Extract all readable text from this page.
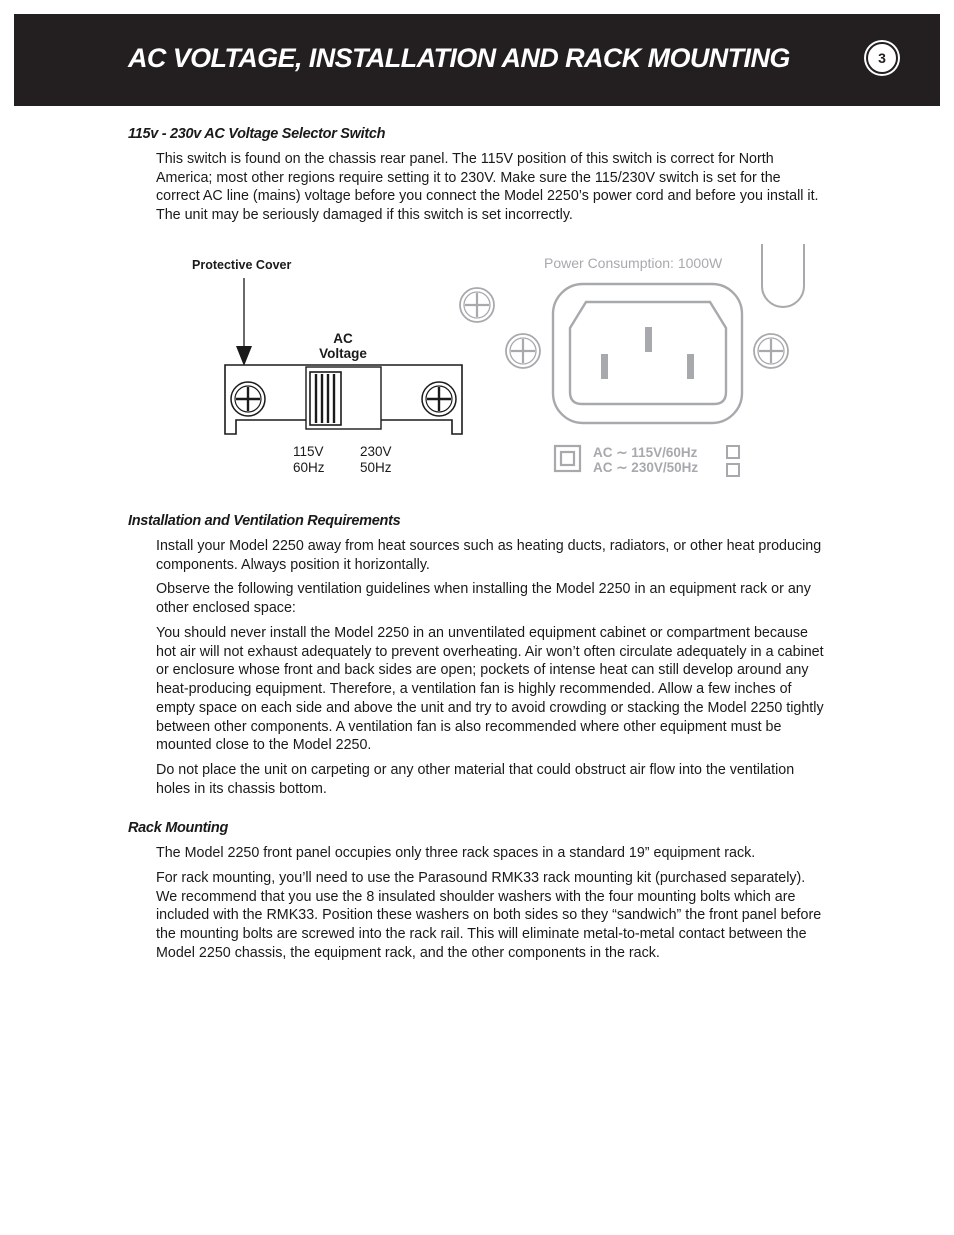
AC VOLTAGE, INSTALLATION AND RACK MOUNTING	3
115v - 230v AC Voltage Selector Switch

This switch is found on the chassis rear panel. The 115V position of this switch is correct for North America; most other regions require setting it to 230V. Make sure the 115/230V switch is set for the correct AC line (mains) voltage before you connect the Model 2250’s power cord and before you install it. The unit may be seriously damaged if this switch is set incorrectly.

Protective Cover
AC
Voltage
115V
60Hz
230V
50Hz
Power Consumption: 1000W
AC ∼ 115V/60Hz
AC ∼ 230V/50Hz
Installation and Ventilation Requirements

Install your Model 2250 away from heat sources such as heating ducts, radiators, or other heat producing components. Always position it horizontally.

Observe the following ventilation guidelines when installing the Model 2250 in an equipment rack or any other enclosed space:

You should never install the Model 2250 in an unventilated equipment cabinet or compartment because hot air will not exhaust adequately to prevent overheating. Air won’t often circulate adequately in a cabinet or enclosure whose front and back sides are open; pockets of intense heat can still develop around any heat-producing equipment. Therefore, a ventilation fan is highly recommended. Allow a few inches of empty space on each side and above the unit and try to avoid crowding or stacking the Model 2250 tightly between other components. A ventilation fan is also recommended where other equipment must be mounted close to the Model 2250.

Do not place the unit on carpeting or any other material that could obstruct air flow into the ventilation holes in its chassis bottom.

Rack Mounting

The Model 2250 front panel occupies only three rack spaces in a standard 19” equipment rack.

For rack mounting, you’ll need to use the Parasound RMK33 rack mounting kit (purchased separately). We recommend that you use the 8 insulated shoulder washers with the four mounting bolts which are included with the RMK33. Position these washers on both sides so they “sandwich” the front panel before the mounting bolts are screwed into the rack rail. This will eliminate metal-to-metal contact between the Model 2250 chassis, the equipment rack, and the other components in the rack.
